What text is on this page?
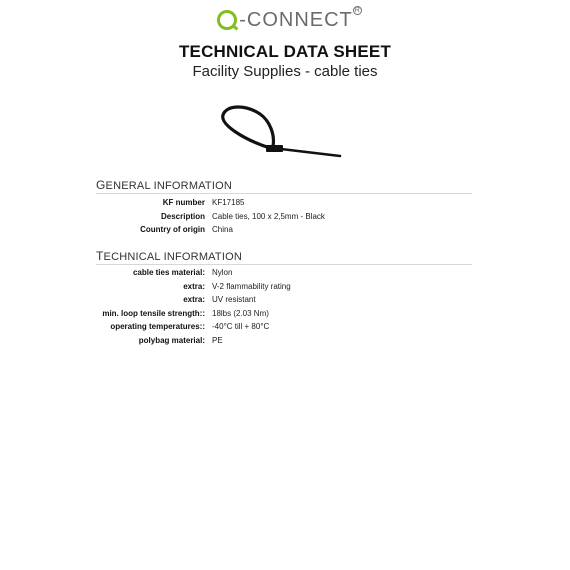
-CONNECT R
TECHNICAL DATA SHEET
Facility Supplies - cable ties
GENERAL INFORMATION
KF number KF17185
Description Cable ties, 100 x 2,5mm - Black
Country of origin China
TECHNICAL INFORMATION
cable ties material: Nylon
extra: V-2 flammability rating
extra: UV resistant
min. loop tensile strength:: 18lbs (2.03 Nm)
operating temperatures:: -40°C till + 80°C
polybag material: PE
